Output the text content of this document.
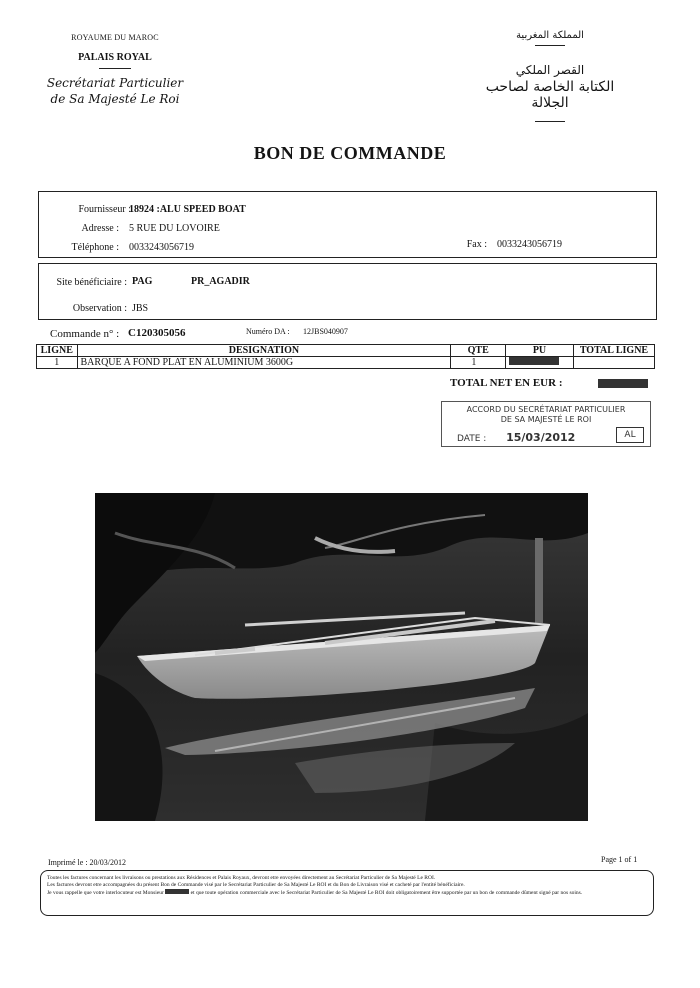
ROYAUME DU MAROC
PALAIS ROYAL
Secrétariat Particulier
de Sa Majesté Le Roi
المملكة المغربية
القصر الملكي
الكتابة الخاصة لصاحب الجلالة
BON DE COMMANDE
Fournisseur :
18924 :ALU SPEED BOAT
Adresse : 5 RUE DU LOVOIRE
Téléphone : 0033243056719	Fax : 0033243056719
Site bénéficiaire : PAG	PR_AGADIR
Observation : JBS
Commande n° : C120305056	Numéro DA : 12JBS040907
LIGNE	DESIGNATION	QTE	PU	TOTAL LIGNE
1	BARQUE A FOND PLAT EN ALUMINIUM 3600G	1		
TOTAL NET EN EUR :
ACCORD DU SECRÉTARIAT PARTICULIER
DE SA MAJESTÉ LE ROI
DATE : 15/03/2012	AL
Imprimé le : 20/03/2012	Page 1 of 1
Toutes les factures concernant les livraisons ou prestations aux Résidences et Palais Royaux, devront etre envoyées directement au Secrétariat Particulier de Sa Majesté Le ROI.
Les factures devront etre accompagnées du présent Bon de Commande visé par le Secrétariat Particulier de Sa Majesté Le ROI et du Bon de Livraison visé et cacheté par l'entité bénéficiaire.
Je vous rappelle que votre interlocuteur est Monsieur	et que toute opération commerciale avec le Secrétariat Particulier de Sa Majesté Le ROI doit obligatoirement être supportée par un bon de commande dûment signé par nos soins.
